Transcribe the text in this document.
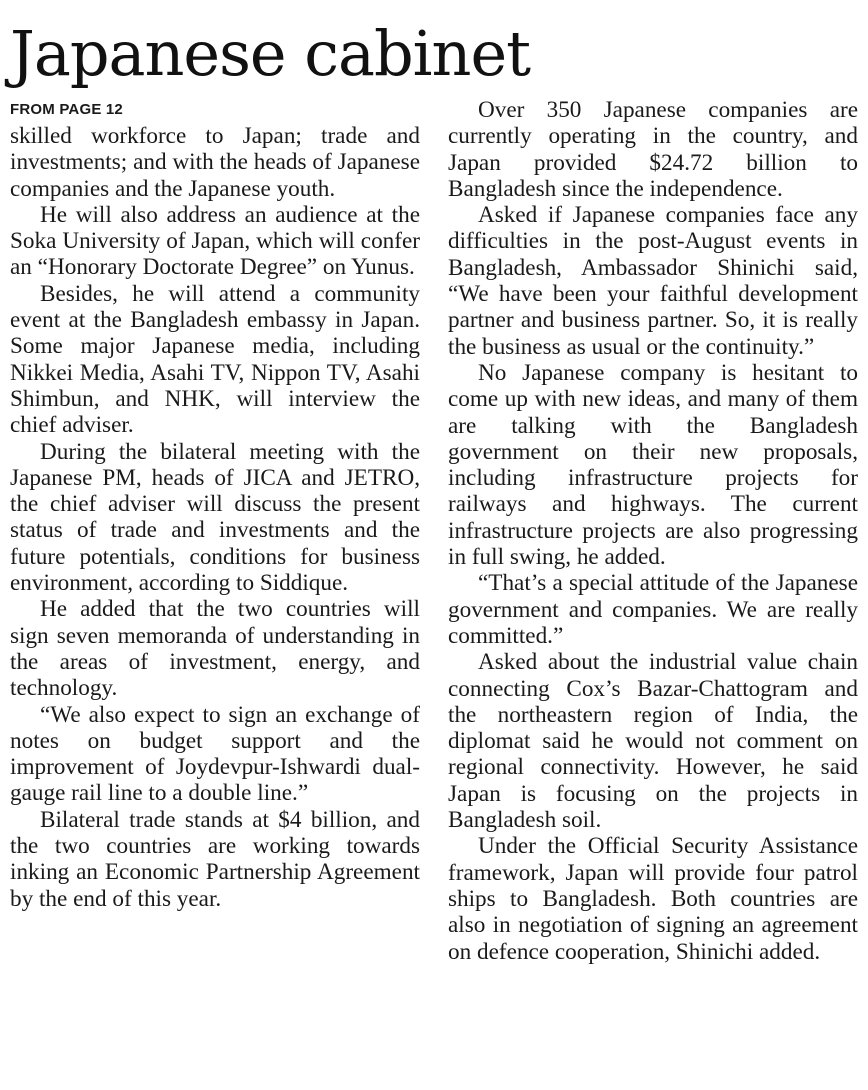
Japanese cabinet
FROM PAGE 12

skilled workforce to Japan; trade and investments; and with the heads of Japanese companies and the Japanese youth.

He will also address an audience at the Soka University of Japan, which will confer an “Honorary Doctorate Degree” on Yunus.

Besides, he will attend a community event at the Bangladesh embassy in Japan. Some major Japanese media, including Nikkei Media, Asahi TV, Nippon TV, Asahi Shimbun, and NHK, will interview the chief adviser.

During the bilateral meeting with the Japanese PM, heads of JICA and JETRO, the chief adviser will discuss the present status of trade and investments and the future potentials, conditions for business environment, according to Siddique.

He added that the two countries will sign seven memoranda of understanding in the areas of investment, energy, and technology.

“We also expect to sign an exchange of notes on budget support and the improvement of Joydevpur-Ishwardi dual-gauge rail line to a double line.”

Bilateral trade stands at $4 billion, and the two countries are working towards inking an Economic Partnership Agreement by the end of this year.

Over 350 Japanese companies are currently operating in the country, and Japan provided $24.72 billion to Bangladesh since the independence.

Asked if Japanese companies face any difficulties in the post-August events in Bangladesh, Ambassador Shinichi said, “We have been your faithful development partner and business partner. So, it is really the business as usual or the continuity.”

No Japanese company is hesitant to come up with new ideas, and many of them are talking with the Bangladesh government on their new proposals, including infrastructure projects for railways and highways. The current infrastructure projects are also progressing in full swing, he added.

“That’s a special attitude of the Japanese government and companies. We are really committed.”

Asked about the industrial value chain connecting Cox’s Bazar-Chattogram and the northeastern region of India, the diplomat said he would not comment on regional connectivity. However, he said Japan is focusing on the projects in Bangladesh soil.

Under the Official Security Assistance framework, Japan will provide four patrol ships to Bangladesh. Both countries are also in negotiation of signing an agreement on defence cooperation, Shinichi added.
